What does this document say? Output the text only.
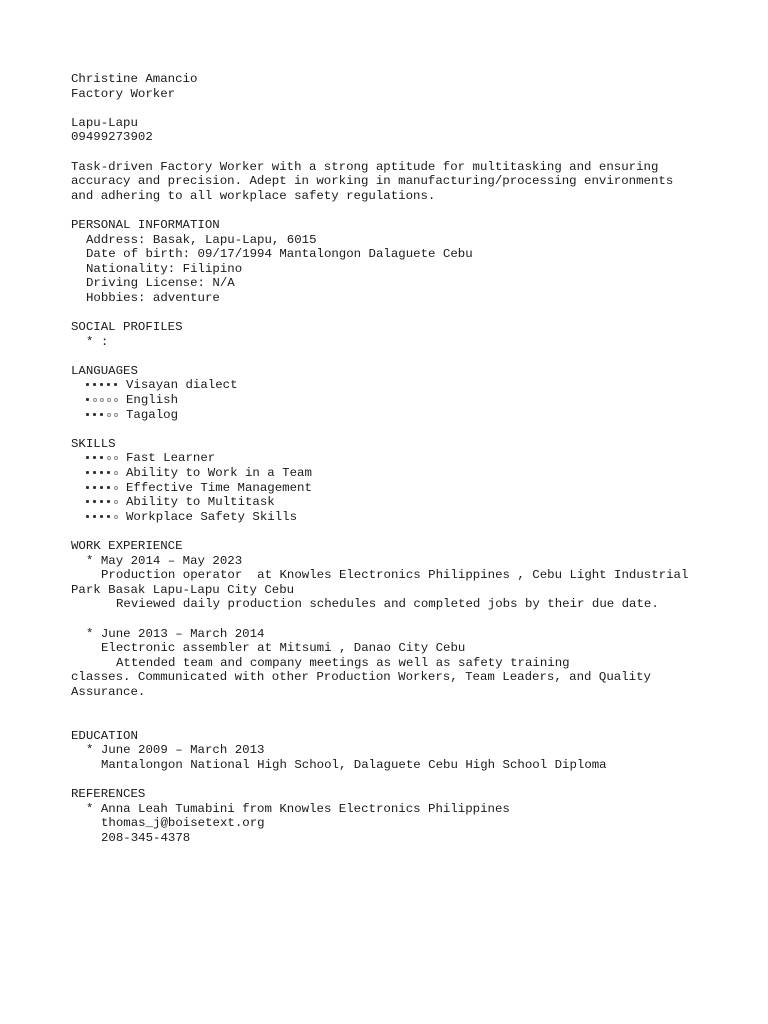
Christine Amancio
Factory Worker
Lapu-Lapu
09499273902
Task-driven Factory Worker with a strong aptitude for multitasking and ensuring
accuracy and precision. Adept in working in manufacturing/processing environments
and adhering to all workplace safety regulations.
PERSONAL INFORMATION
Address: Basak, Lapu-Lapu, 6015
Date of birth: 09/17/1994 Mantalongon Dalaguete Cebu
Nationality: Filipino
Driving License: N/A
Hobbies: adventure
SOCIAL PROFILES
* :
LANGUAGES
Visayan dialect
English
Tagalog
SKILLS
Fast Learner
Ability to Work in a Team
Effective Time Management
Ability to Multitask
Workplace Safety Skills
WORK EXPERIENCE
* May 2014 – May 2023
Production operator  at Knowles Electronics Philippines , Cebu Light Industrial
Park Basak Lapu-Lapu City Cebu
Reviewed daily production schedules and completed jobs by their due date.
* June 2013 – March 2014
Electronic assembler at Mitsumi , Danao City Cebu
Attended team and company meetings as well as safety training
classes. Communicated with other Production Workers, Team Leaders, and Quality
Assurance.
EDUCATION
* June 2009 – March 2013
Mantalongon National High School, Dalaguete Cebu High School Diploma
REFERENCES
* Anna Leah Tumabini from Knowles Electronics Philippines
thomas_j@boisetext.org
208-345-4378
